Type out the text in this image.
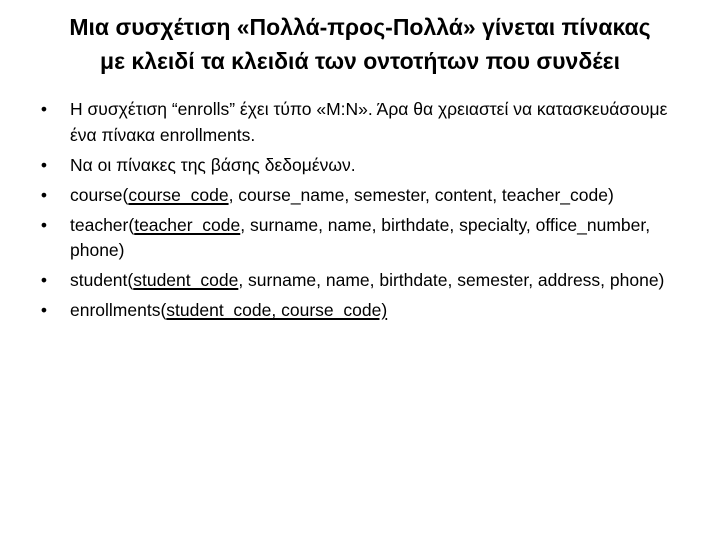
Μια συσχέτιση «Πολλά-προς-Πολλά» γίνεται πίνακας
με κλειδί τα κλειδιά των οντοτήτων που συνδέει
• Η συσχέτιση “enrolls” έχει τύπο «Μ:Ν». Άρα θα χρειαστεί να κατασκευάσουμε ένα πίνακα enrollments.
• Να οι πίνακες της βάσης δεδομένων.
• course(course_code, course_name, semester, content, teacher_code)
• teacher(teacher_code, surname, name, birthdate, specialty, office_number, phone)
• student(student_code, surname, name, birthdate, semester, address, phone)
• enrollments(student_code, course_code)
